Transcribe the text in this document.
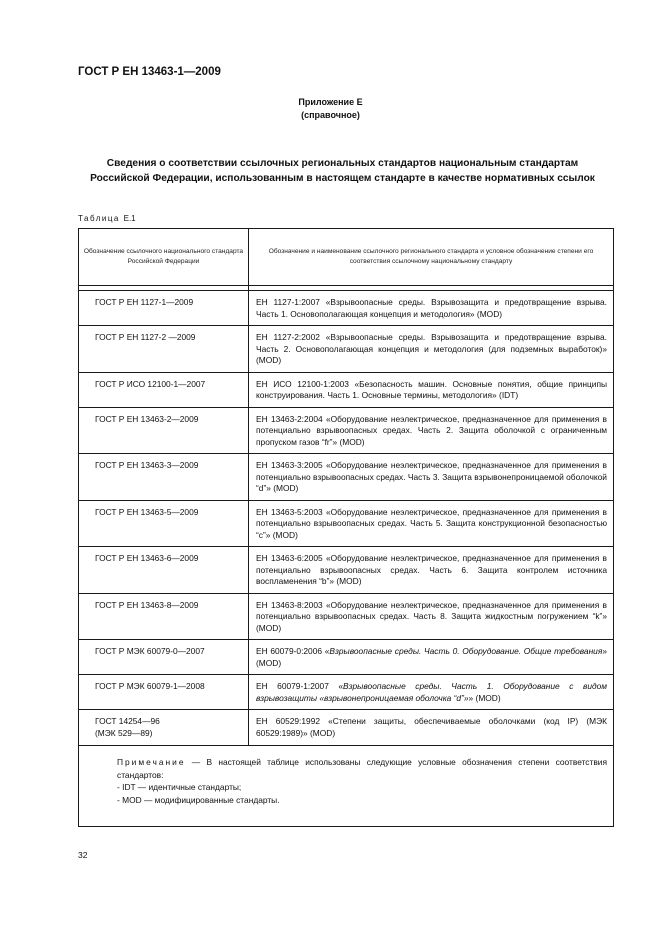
ГОСТ Р ЕН 13463-1—2009
Приложение Е
(справочное)
Сведения о соответствии ссылочных региональных стандартов национальным стандартам Российской Федерации, использованным в настоящем стандарте в качестве нормативных ссылок
Таблица Е.1
Обозначение ссылочного национального стандарта Российской Федерации	Обозначение и наименование ссылочного регионального стандарта и условное обозначение степени его соответствия ссылочному национальному стандарту

ГОСТ Р ЕН 1127-1—2009	ЕН 1127-1:2007 «Взрывоопасные среды. Взрывозащита и предотвращение взрыва. Часть 1. Основополагающая концепция и методология» (MOD)
ГОСТ Р ЕН 1127-2 —2009	ЕН 1127-2:2002 «Взрывоопасные среды. Взрывозащита и предотвращение взрыва. Часть 2. Основополагающая концепция и методология (для подземных выработок)» (MOD)
ГОСТ Р ИСО 12100-1—2007	ЕН ИСО 12100-1:2003 «Безопасность машин. Основные понятия, общие принципы конструирования. Часть 1. Основные термины, методология» (IDT)
ГОСТ Р ЕН 13463-2—2009	ЕН 13463-2:2004 «Оборудование неэлектрическое, предназначенное для применения в потенциально взрывоопасных средах. Часть 2. Защита оболочкой с ограниченным пропуском газов “fr”» (MOD)
ГОСТ Р ЕН 13463-3—2009	ЕН 13463-3:2005 «Оборудование неэлектрическое, предназначенное для применения в потенциально взрывоопасных средах. Часть 3. Защита взрывонепроницаемой оболочкой “d”» (MOD)
ГОСТ Р ЕН 13463-5—2009	ЕН 13463-5:2003 «Оборудование неэлектрическое, предназначенное для применения в потенциально взрывоопасных средах. Часть 5. Защита конструкционной безопасностью “c”» (MOD)
ГОСТ Р ЕН 13463-6—2009	ЕН 13463-6:2005 «Оборудование неэлектрическое, предназначенное для применения в потенциально взрывоопасных средах. Часть 6. Защита контролем источника воспламенения “b”» (MOD)
ГОСТ Р ЕН 13463-8—2009	ЕН 13463-8:2003 «Оборудование неэлектрическое, предназначенное для применения в потенциально взрывоопасных средах. Часть 8. Защита жидкостным погружением “k”» (MOD)
ГОСТ Р МЭК 60079-0—2007	ЕН 60079-0:2006 «Взрывоопасные среды. Часть 0. Оборудование. Общие требования» (MOD)
ГОСТ Р МЭК 60079-1—2008	ЕН 60079-1:2007 «Взрывоопасные среды. Часть 1. Оборудование с видом взрывозащиты «взрывонепроницаемая оболочка “d”»» (MOD)

ГОСТ 14254—96
(МЭК 529—89)	ЕН 60529:1992 «Степени защиты, обеспечиваемые оболочками (код IP) (МЭК 60529:1989)» (MOD)

Примечание — В настоящей таблице использованы следующие условные обозначения степени соответствия стандартов:
- IDT — идентичные стандарты;
- MOD — модифицированные стандарты.	
32
